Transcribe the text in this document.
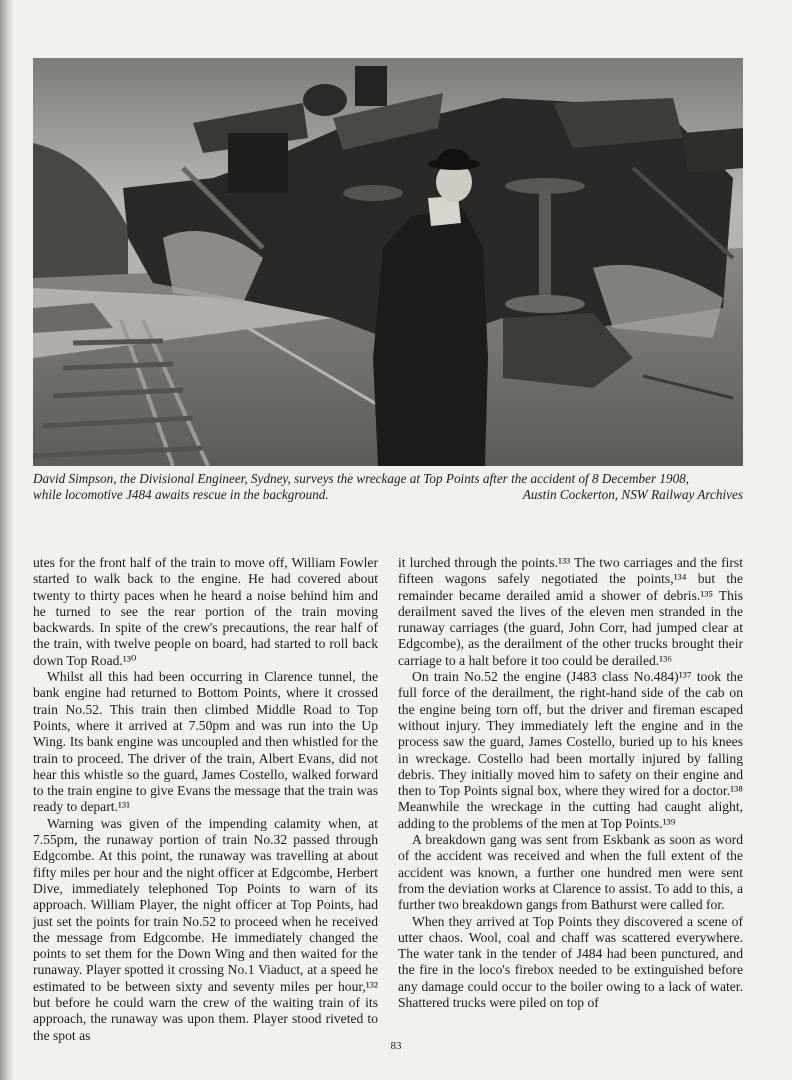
David Simpson, the Divisional Engineer, Sydney, surveys the wreckage at Top Points after the accident of 8 December 1908,
while locomotive J484 awaits rescue in the background.	Austin Cockerton, NSW Railway Archives

utes for the front half of the train to move off, William Fowler started to walk back to the engine. He had covered about twenty to thirty paces when he heard a noise behind him and he turned to see the rear portion of the train moving backwards. In spite of the crew's precautions, the rear half of the train, with twelve people on board, had started to roll back down Top Road.¹³⁰

Whilst all this had been occurring in Clarence tunnel, the bank engine had returned to Bottom Points, where it crossed train No.52. This train then climbed Middle Road to Top Points, where it arrived at 7.50pm and was run into the Up Wing. Its bank engine was uncoupled and then whistled for the train to proceed. The driver of the train, Albert Evans, did not hear this whistle so the guard, James Costello, walked forward to the train engine to give Evans the message that the train was ready to depart.¹³¹

Warning was given of the impending calamity when, at 7.55pm, the runaway portion of train No.32 passed through Edgcombe. At this point, the runaway was travelling at about fifty miles per hour and the night officer at Edgcombe, Herbert Dive, immediately telephoned Top Points to warn of its approach. William Player, the night officer at Top Points, had just set the points for train No.52 to proceed when he received the message from Edgcombe. He immediately changed the points to set them for the Down Wing and then waited for the runaway. Player spotted it crossing No.1 Viaduct, at a speed he estimated to be between sixty and seventy miles per hour,¹³² but before he could warn the crew of the waiting train of its approach, the runaway was upon them. Player stood riveted to the spot as

it lurched through the points.¹³³ The two carriages and the first fifteen wagons safely negotiated the points,¹³⁴ but the remainder became derailed amid a shower of debris.¹³⁵ This derailment saved the lives of the eleven men stranded in the runaway carriages (the guard, John Corr, had jumped clear at Edgcombe), as the derailment of the other trucks brought their carriage to a halt before it too could be derailed.¹³⁶

On train No.52 the engine (J483 class No.484)¹³⁷ took the full force of the derailment, the right-hand side of the cab on the engine being torn off, but the driver and fireman escaped without injury. They immediately left the engine and in the process saw the guard, James Costello, buried up to his knees in wreckage. Costello had been mortally injured by falling debris. They initially moved him to safety on their engine and then to Top Points signal box, where they wired for a doctor.¹³⁸ Meanwhile the wreckage in the cutting had caught alight, adding to the problems of the men at Top Points.¹³⁹

A breakdown gang was sent from Eskbank as soon as word of the accident was received and when the full extent of the accident was known, a further one hundred men were sent from the deviation works at Clarence to assist. To add to this, a further two breakdown gangs from Bathurst were called for.

When they arrived at Top Points they discovered a scene of utter chaos. Wool, coal and chaff was scattered everywhere. The water tank in the tender of J484 had been punctured, and the fire in the loco's firebox needed to be extinguished before any damage could occur to the boiler owing to a lack of water. Shattered trucks were piled on top of

83
